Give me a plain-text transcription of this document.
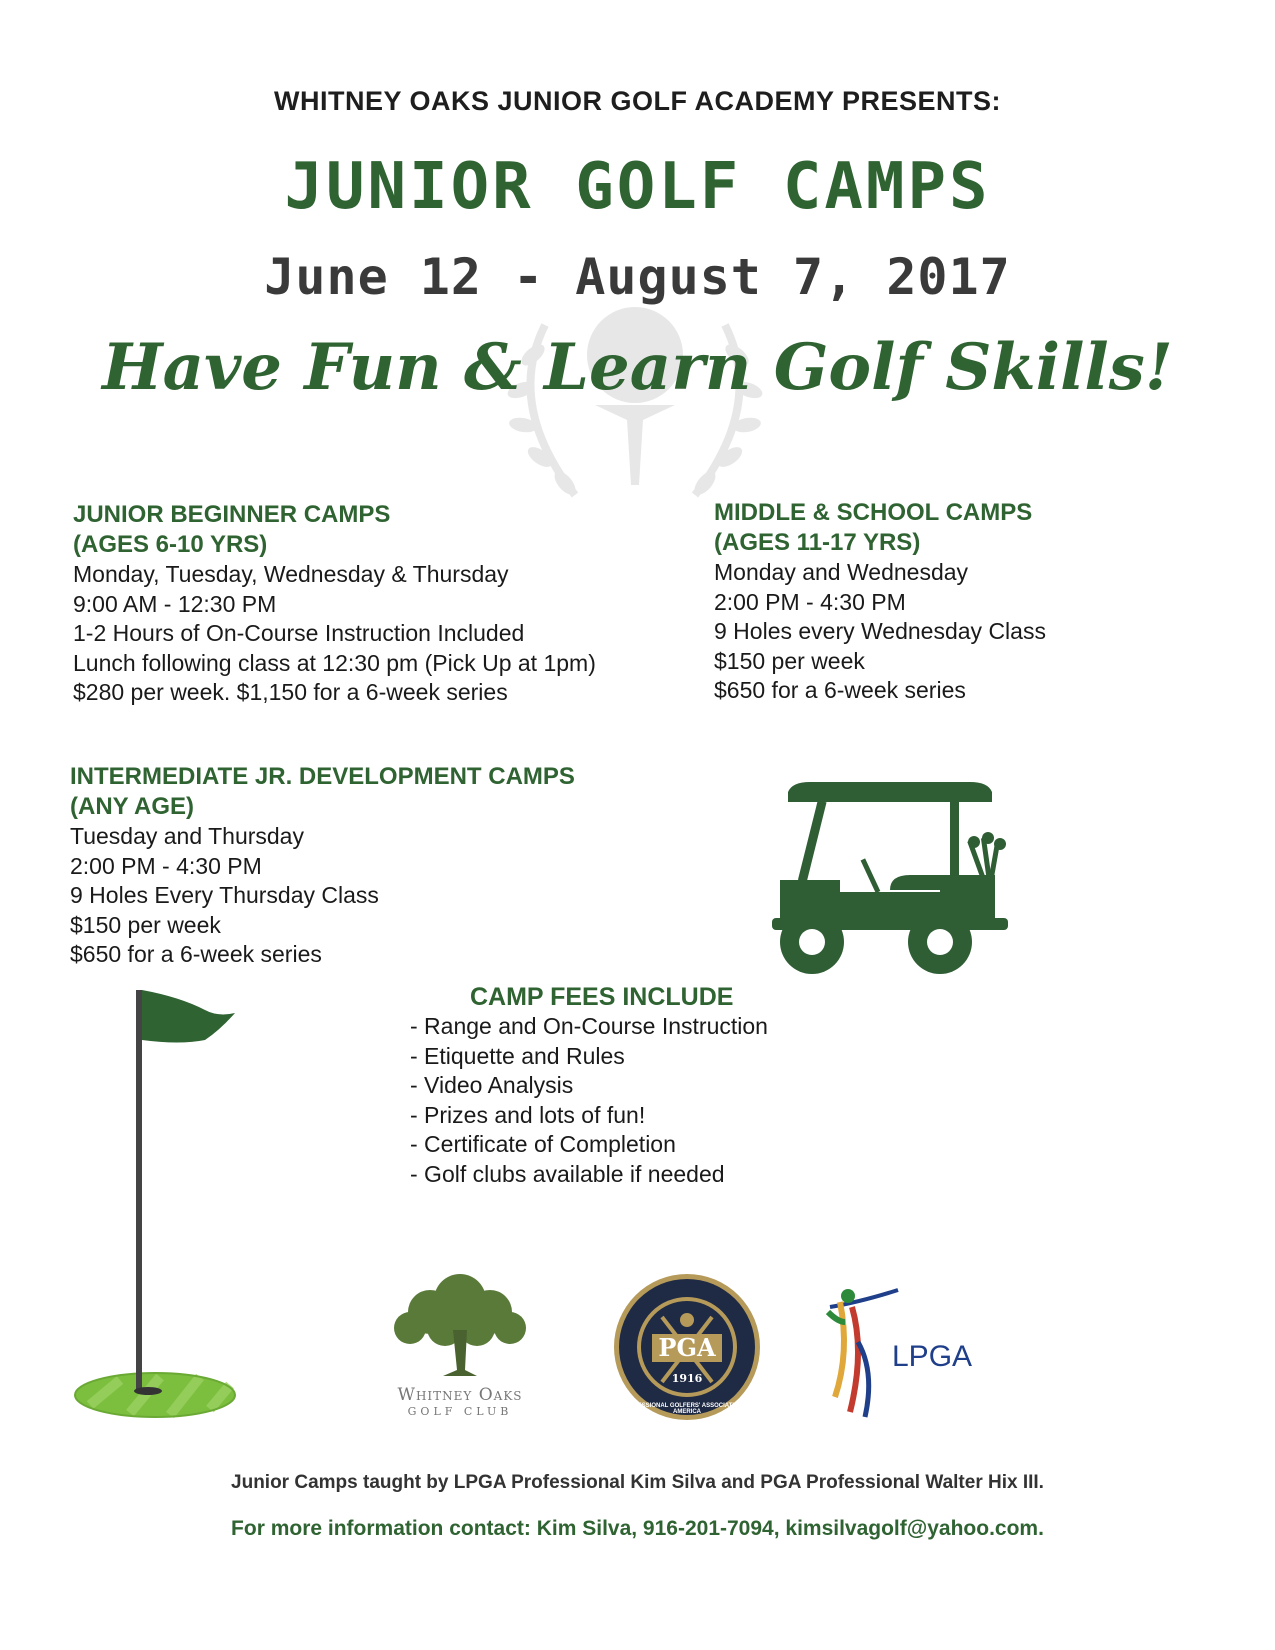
WHITNEY OAKS JUNIOR GOLF ACADEMY PRESENTS:
JUNIOR GOLF CAMPS
June 12 - August 7, 2017
Have Fun & Learn Golf Skills!
JUNIOR BEGINNER CAMPS
(AGES 6-10 YRS)
Monday, Tuesday, Wednesday & Thursday
9:00 AM - 12:30 PM
1-2 Hours of On-Course Instruction Included
Lunch following class at 12:30 pm (Pick Up at 1pm)
$280 per week. $1,150 for a 6-week series
MIDDLE & SCHOOL CAMPS
(AGES 11-17 YRS)
Monday and Wednesday
2:00 PM - 4:30 PM
9 Holes every Wednesday Class
$150 per week
$650 for a 6-week series
INTERMEDIATE JR. DEVELOPMENT CAMPS
(ANY AGE)
Tuesday and Thursday
2:00 PM - 4:30 PM
9 Holes Every Thursday Class
$150 per week
$650 for a 6-week series
CAMP FEES INCLUDE
- Range and On-Course Instruction
- Etiquette and Rules
- Video Analysis
- Prizes and lots of fun!
- Certificate of Completion
- Golf clubs available if needed
Whitney Oaks
GOLF CLUB
PGA
1916
PROFESSIONAL GOLFERS' ASSOCIATION OF AMERICA
LPGA
Junior Camps taught by LPGA Professional Kim Silva and PGA Professional Walter Hix III.
For more information contact: Kim Silva, 916-201-7094, kimsilvagolf@yahoo.com.
